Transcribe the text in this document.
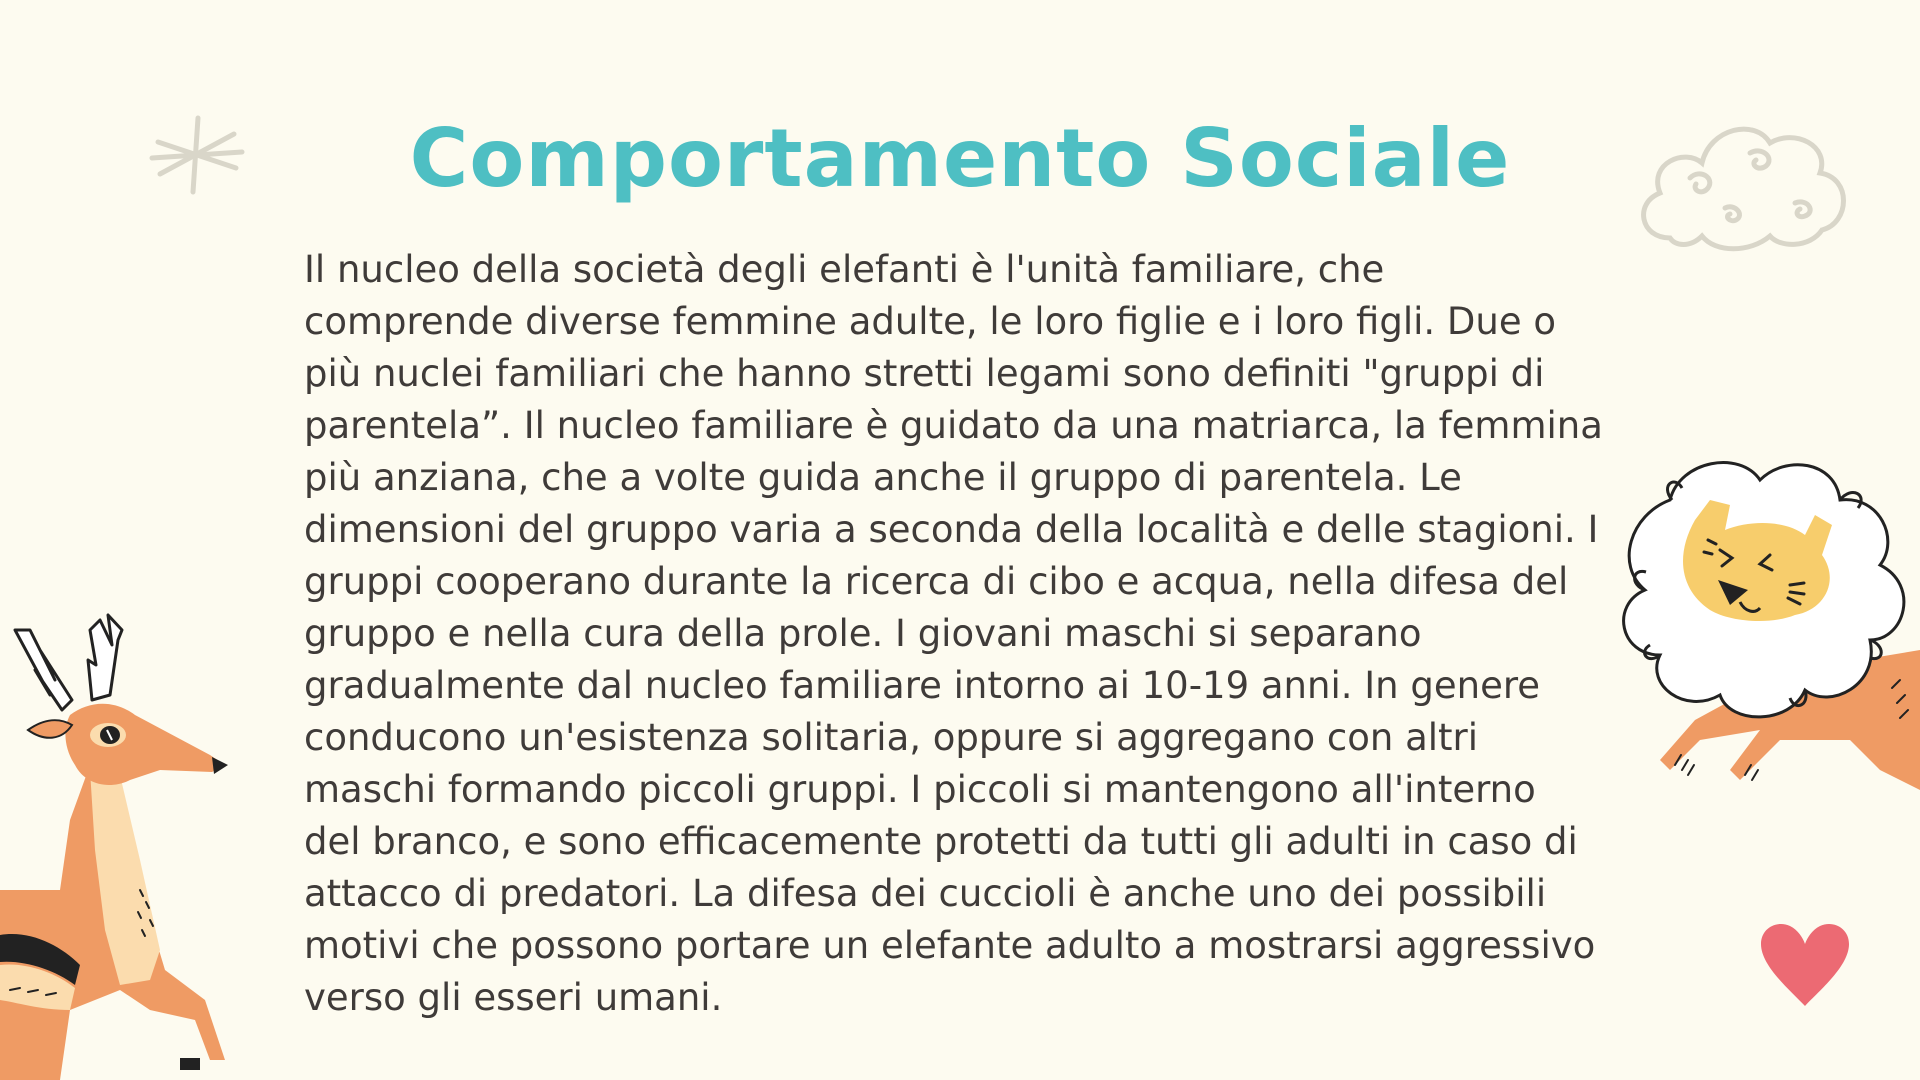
Comportamento Sociale

Il nucleo della società degli elefanti è l'unità familiare, che comprende diverse femmine adulte, le loro figlie e i loro figli. Due o più nuclei familiari che hanno stretti legami sono definiti "gruppi di parentela”. Il nucleo familiare è guidato da una matriarca, la femmina più anziana, che a volte guida anche il gruppo di parentela. Le dimensioni del gruppo varia a seconda della località e delle stagioni. I gruppi cooperano durante la ricerca di cibo e acqua, nella difesa del gruppo e nella cura della prole. I giovani maschi si separano gradualmente dal nucleo familiare intorno ai 10-19 anni. In genere conducono un'esistenza solitaria, oppure si aggregano con altri maschi formando piccoli gruppi. I piccoli si mantengono all'interno del branco, e sono efficacemente protetti da tutti gli adulti in caso di attacco di predatori. La difesa dei cuccioli è anche uno dei possibili motivi che possono portare un elefante adulto a mostrarsi aggressivo verso gli esseri umani.
